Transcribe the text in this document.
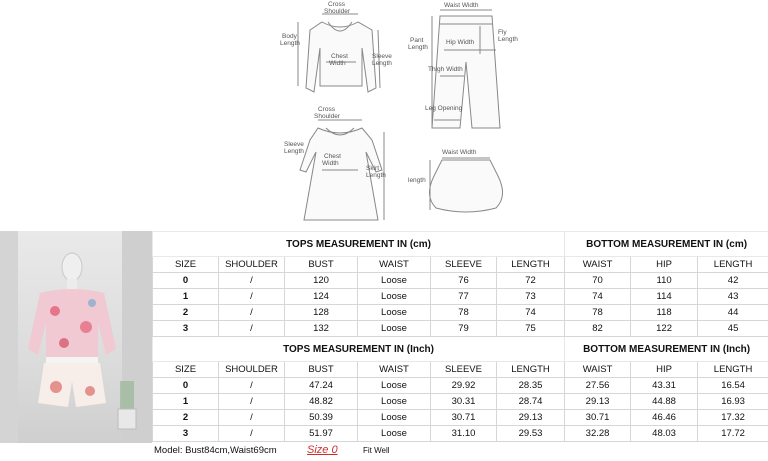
Cross Shoulder
Body Length
Chest Width
Sleeve Length
Waist Width
Pant Length
Hip Width
Fly Length
Thigh Width
Leg Opening
Cross Shoulder
Sleeve Length
Chest Width
Skirt Length
Waist Width
length
TOPS MEASUREMENT IN (cm)						BOTTOM MEASUREMENT IN (cm)		
SIZE	SHOULDER	BUST	WAIST	SLEEVE	LENGTH	WAIST	HIP	LENGTH
0	/	120	Loose	76	72	70	110	42
1	/	124	Loose	77	73	74	114	43
2	/	128	Loose	78	74	78	118	44
3	/	132	Loose	79	75	82	122	45
TOPS MEASUREMENT IN (Inch)						BOTTOM MEASUREMENT IN (Inch)		
SIZE	SHOULDER	BUST	WAIST	SLEEVE	LENGTH	WAIST	HIP	LENGTH
0	/	47.24	Loose	29.92	28.35	27.56	43.31	16.54
1	/	48.82	Loose	30.31	28.74	29.13	44.88	16.93
2	/	50.39	Loose	30.71	29.13	30.71	46.46	17.32
3	/	51.97	Loose	31.10	29.53	32.28	48.03	17.72
Model: Bust84cm,Waist69cm	Size 0	Fit Well
